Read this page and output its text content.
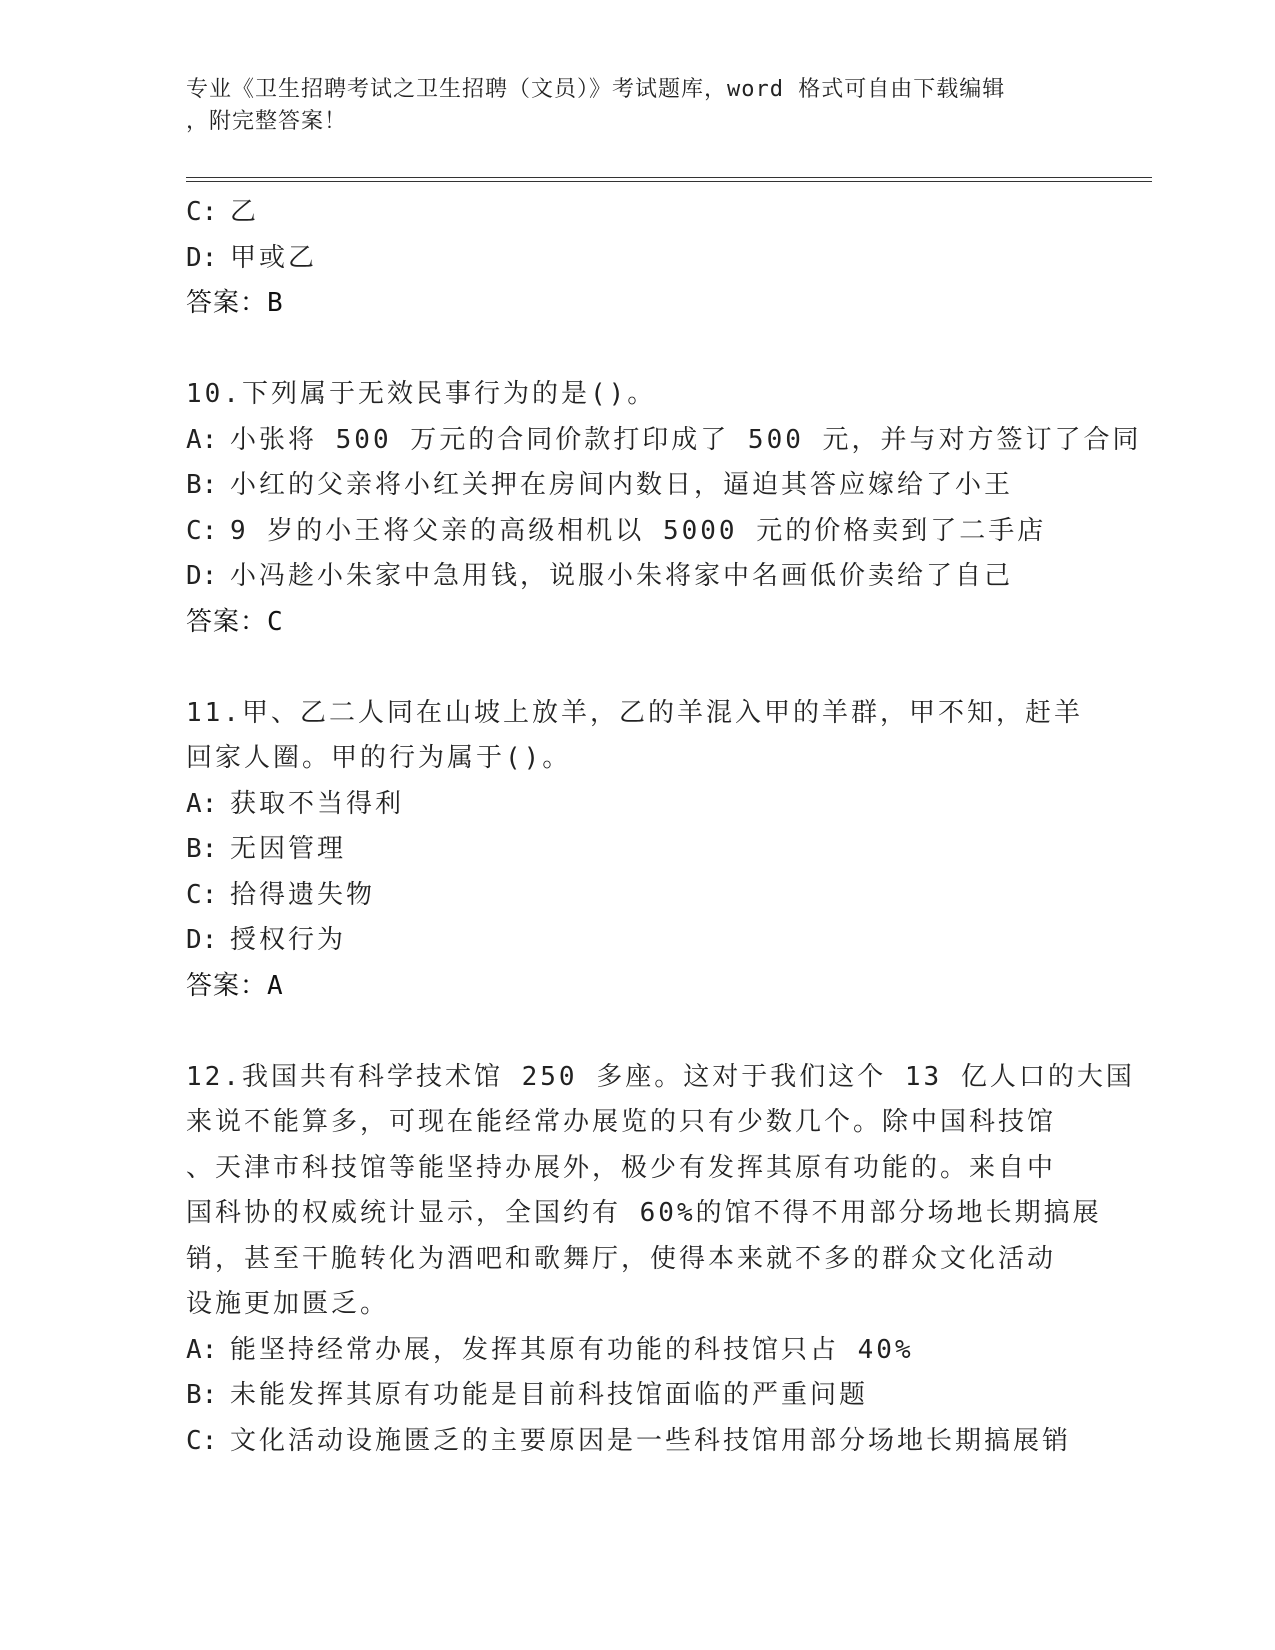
专业《卫生招聘考试之卫生招聘（文员）》考试题库，word 格式可自由下载编辑
，附完整答案！
C: 乙
D: 甲或乙
答案：B
10.下列属于无效民事行为的是()。
A: 小张将 500 万元的合同价款打印成了 500 元，并与对方签订了合同
B: 小红的父亲将小红关押在房间内数日，逼迫其答应嫁给了小王
C: 9 岁的小王将父亲的高级相机以 5000 元的价格卖到了二手店
D: 小冯趁小朱家中急用钱，说服小朱将家中名画低价卖给了自己
答案：C
11.甲、乙二人同在山坡上放羊，乙的羊混入甲的羊群，甲不知，赶羊
回家人圈。甲的行为属于()。
A: 获取不当得利
B: 无因管理
C: 拾得遗失物
D: 授权行为
答案：A
12.我国共有科学技术馆 250 多座。这对于我们这个 13 亿人口的大国
来说不能算多，可现在能经常办展览的只有少数几个。除中国科技馆
、天津市科技馆等能坚持办展外，极少有发挥其原有功能的。来自中
国科协的权威统计显示，全国约有 60%的馆不得不用部分场地长期搞展
销，甚至干脆转化为酒吧和歌舞厅，使得本来就不多的群众文化活动
设施更加匮乏。
A: 能坚持经常办展，发挥其原有功能的科技馆只占 40%
B: 未能发挥其原有功能是目前科技馆面临的严重问题
C: 文化活动设施匮乏的主要原因是一些科技馆用部分场地长期搞展销
